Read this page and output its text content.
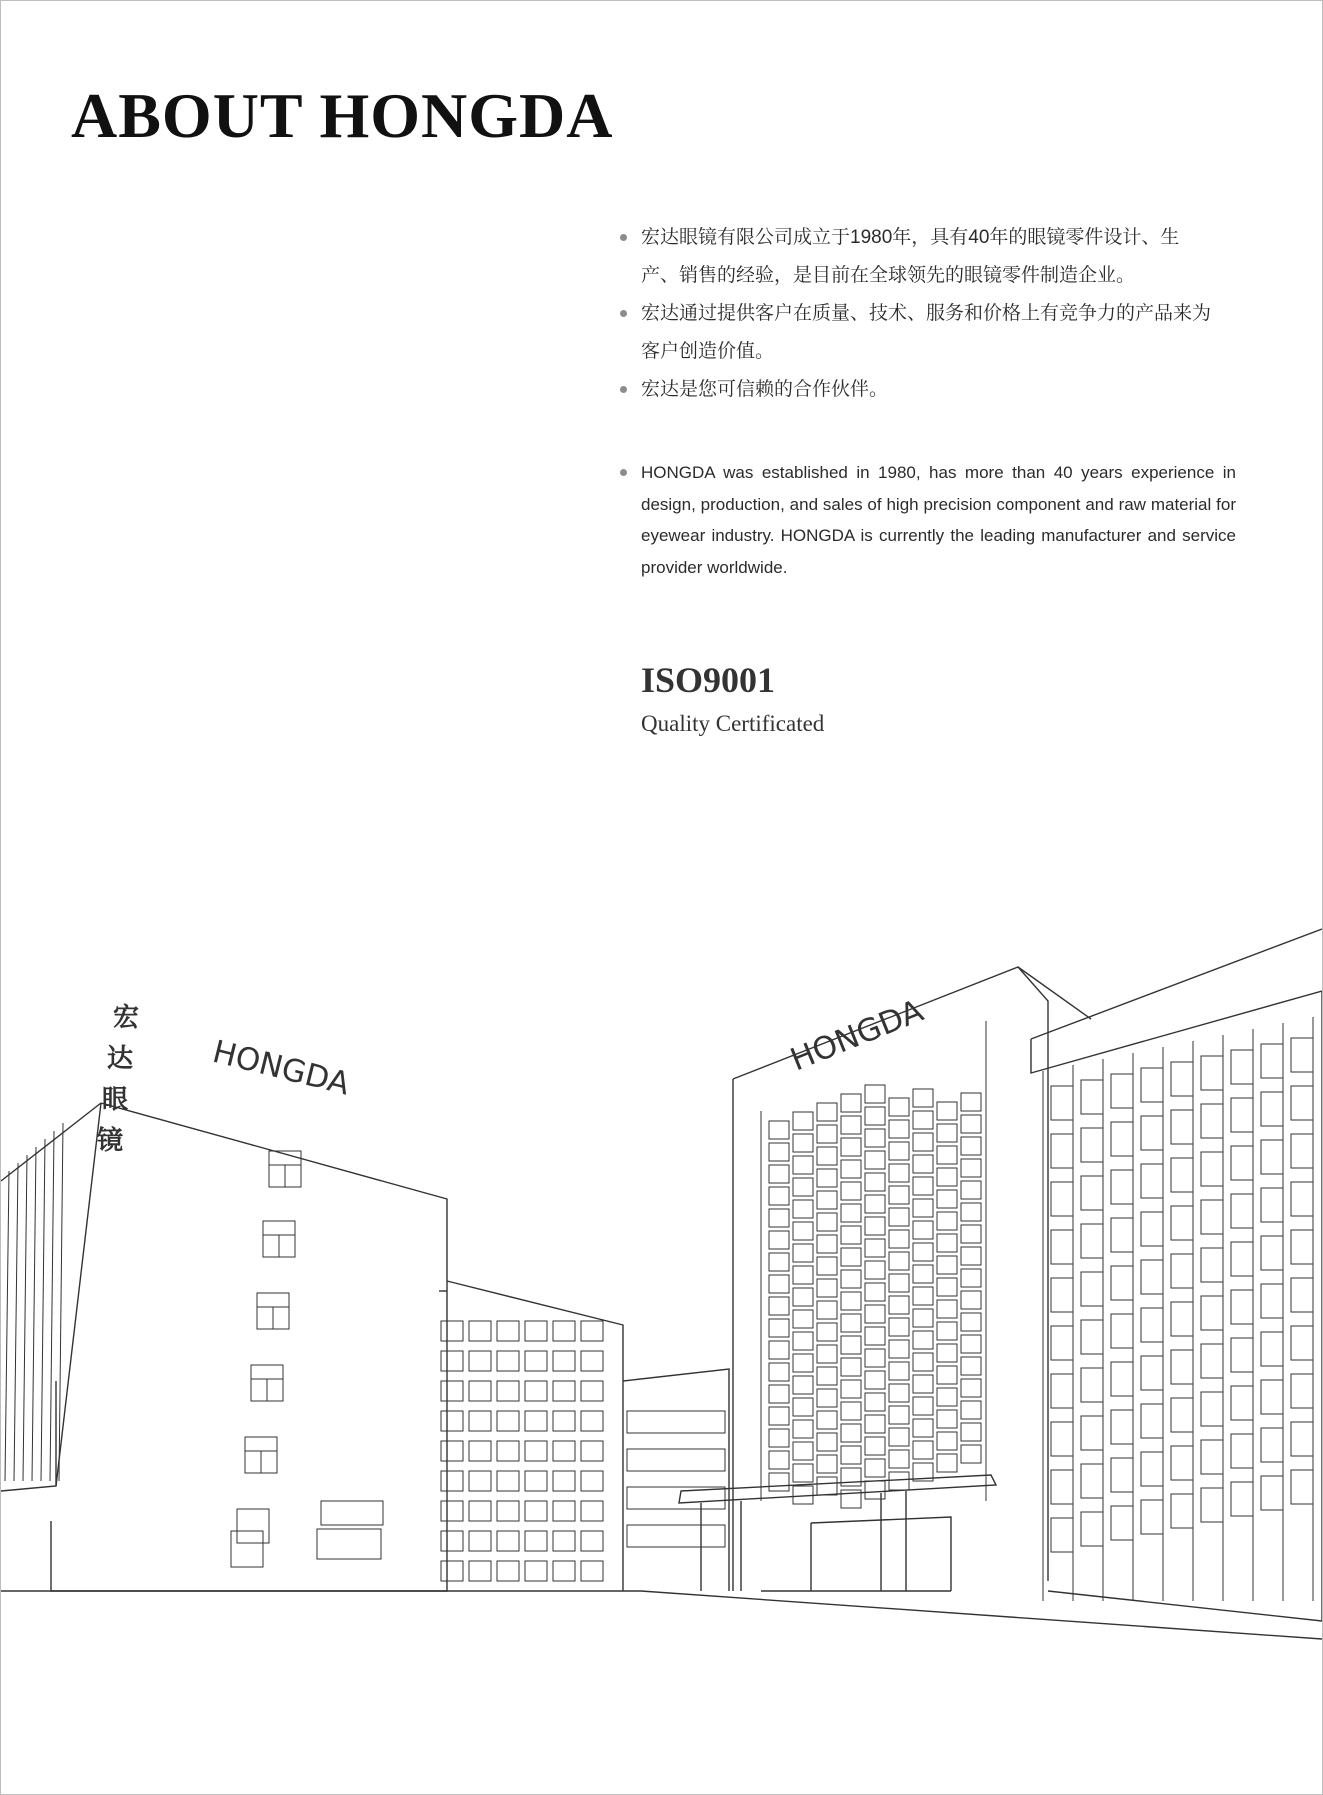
ABOUT HONGDA
宏达眼镜有限公司成立于1980年，具有40年的眼镜零件设计、生产、销售的经验，是目前在全球领先的眼镜零件制造企业。
宏达通过提供客户在质量、技术、服务和价格上有竞争力的产品来为客户创造价值。
宏达是您可信赖的合作伙伴。
HONGDA was established in 1980, has more than 40 years experience in design, production, and sales of high precision component and raw material for eyewear industry. HONGDA is currently the leading manufacturer and service provider worldwide.
ISO9001

Quality Certificated

HONGDA	HONGDA
宏
达
眼
镜
